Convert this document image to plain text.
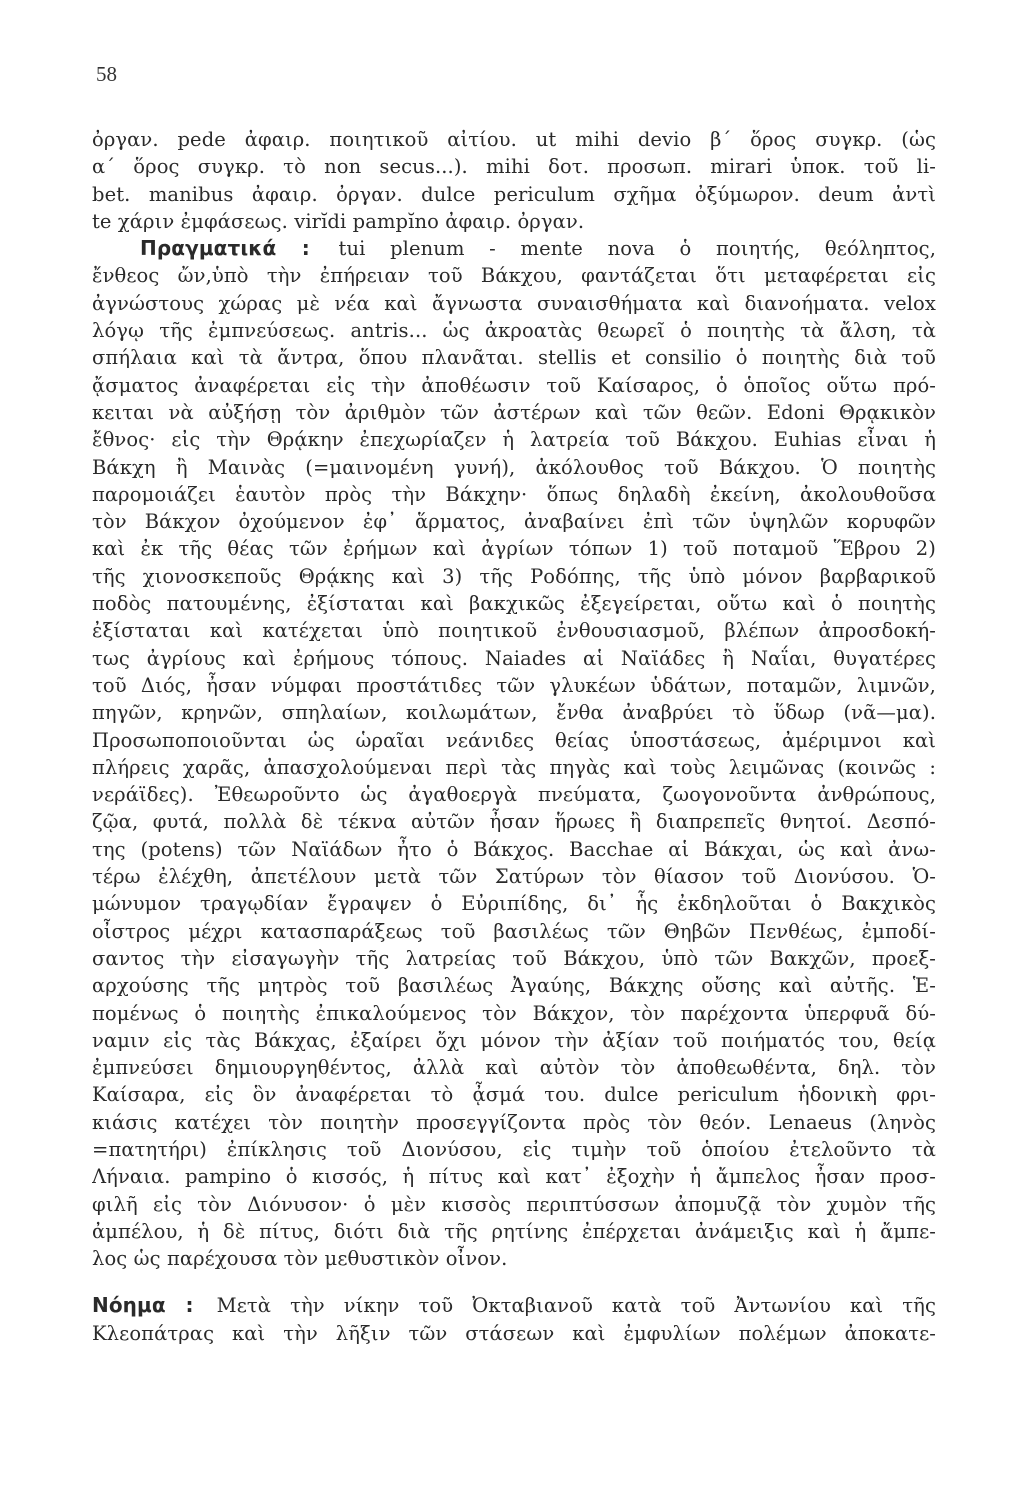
58
ὀργαν. pede ἀφαιρ. ποιητικοῦ αἰτίου. ut mihi devio β΄ ὅρος συγκρ. (ὡς
α΄ ὅρος συγκρ. τὸ non secus...). mihi δοτ. προσωπ. mirari ὑποκ. τοῦ li-
bet. manibus ἀφαιρ. ὀργαν. dulce periculum σχῆμα ὀξύμωρον. deum ἀντὶ
te χάριν ἐμφάσεως. virĭdi pampĭno ἀφαιρ. ὀργαν.
Πραγματικά : tui plenum - mente nova ὁ ποιητής, θεόληπτος,
ἔνθεος ὤν,ὑπὸ τὴν ἐπήρειαν τοῦ Βάκχου, φαντάζεται ὅτι μεταφέρεται εἰς
ἀγνώστους χώρας μὲ νέα καὶ ἄγνωστα συναισθήματα καὶ διανοήματα. velox
λόγῳ τῆς ἐμπνεύσεως. antris... ὡς ἀκροατὰς θεωρεῖ ὁ ποιητὴς τὰ ἄλση, τὰ
σπήλαια καὶ τὰ ἄντρα, ὅπου πλανᾶται. stellis et consilio ὁ ποιητὴς διὰ τοῦ
ᾄσματος ἀναφέρεται εἰς τὴν ἀποθέωσιν τοῦ Καίσαρος, ὁ ὁποῖος οὕτω πρό-
κειται νὰ αὐξήσῃ τὸν ἀριθμὸν τῶν ἀστέρων καὶ τῶν θεῶν. Edoni Θρᾳκικὸν
ἔθνος· εἰς τὴν Θρᾴκην ἐπεχωρίαζεν ἡ λατρεία τοῦ Βάκχου. Euhias εἶναι ἡ
Βάκχη ἢ Μαινὰς (=μαινομένη γυνή), ἀκόλουθος τοῦ Βάκχου. Ὁ ποιητὴς
παρομοιάζει ἑαυτὸν πρὸς τὴν Βάκχην· ὅπως δηλαδὴ ἐκείνη, ἀκολουθοῦσα
τὸν Βάκχον ὀχούμενον ἐφ᾿ ἅρματος, ἀναβαίνει ἐπὶ τῶν ὑψηλῶν κορυφῶν
καὶ ἐκ τῆς θέας τῶν ἐρήμων καὶ ἀγρίων τόπων 1) τοῦ ποταμοῦ Ἕβρου 2)
τῆς χιονοσκεποῦς Θρᾴκης καὶ 3) τῆς Ροδόπης, τῆς ὑπὸ μόνον βαρβαρικοῦ
ποδὸς πατουμένης, ἐξίσταται καὶ βακχικῶς ἐξεγείρεται, οὕτω καὶ ὁ ποιητὴς
ἐξίσταται καὶ κατέχεται ὑπὸ ποιητικοῦ ἐνθουσιασμοῦ, βλέπων ἀπροσδοκή-
τως ἀγρίους καὶ ἐρήμους τόπους. Naiades αἱ Ναϊάδες ἢ Ναΐαι, θυγατέρες
τοῦ Διός, ἦσαν νύμφαι προστάτιδες τῶν γλυκέων ὑδάτων, ποταμῶν, λιμνῶν,
πηγῶν, κρηνῶν, σπηλαίων, κοιλωμάτων, ἔνθα ἀναβρύει τὸ ὕδωρ (νᾶ—μα).
Προσωποποιοῦνται ὡς ὡραῖαι νεάνιδες θείας ὑποστάσεως, ἀμέριμνοι καὶ
πλήρεις χαρᾶς, ἀπασχολούμεναι περὶ τὰς πηγὰς καὶ τοὺς λειμῶνας (κοινῶς :
νεράϊδες). Ἐθεωροῦντο ὡς ἀγαθοεργὰ πνεύματα, ζωογονοῦντα ἀνθρώπους,
ζῷα, φυτά, πολλὰ δὲ τέκνα αὐτῶν ἦσαν ἥρωες ἢ διαπρεπεῖς θνητοί. Δεσπό-
της (potens) τῶν Ναϊάδων ἦτο ὁ Βάκχος. Bacchae αἱ Βάκχαι, ὡς καὶ ἀνω-
τέρω ἐλέχθη, ἀπετέλουν μετὰ τῶν Σατύρων τὸν θίασον τοῦ Διονύσου. Ὁ-
μώνυμον τραγῳδίαν ἔγραψεν ὁ Εὐριπίδης, δι᾿ ἧς ἐκδηλοῦται ὁ Βακχικὸς
οἶστρος μέχρι κατασπαράξεως τοῦ βασιλέως τῶν Θηβῶν Πενθέως, ἐμποδί-
σαντος τὴν εἰσαγωγὴν τῆς λατρείας τοῦ Βάκχου, ὑπὸ τῶν Βακχῶν, προεξ-
αρχούσης τῆς μητρὸς τοῦ βασιλέως Ἀγαύης, Βάκχης οὔσης καὶ αὐτῆς. Ἑ-
πομένως ὁ ποιητὴς ἐπικαλούμενος τὸν Βάκχον, τὸν παρέχοντα ὑπερφυᾶ δύ-
ναμιν εἰς τὰς Βάκχας, ἐξαίρει ὄχι μόνον τὴν ἀξίαν τοῦ ποιήματός του, θείᾳ
ἐμπνεύσει δημιουργηθέντος, ἀλλὰ καὶ αὐτὸν τὸν ἀποθεωθέντα, δηλ. τὸν
Καίσαρα, εἰς ὃν ἀναφέρεται τὸ ᾆσμά του. dulce periculum ἡδονικὴ φρι-
κιάσις κατέχει τὸν ποιητὴν προσεγγίζοντα πρὸς τὸν θεόν. Lenaeus (ληνὸς
=πατητήρι) ἐπίκλησις τοῦ Διονύσου, εἰς τιμὴν τοῦ ὁποίου ἐτελοῦντο τὰ
Λήναια. pampino ὁ κισσός, ἡ πίτυς καὶ κατ᾿ ἐξοχὴν ἡ ἄμπελος ἦσαν προσ-
φιλῆ εἰς τὸν Διόνυσον· ὁ μὲν κισσὸς περιπτύσσων ἀπομυζᾷ τὸν χυμὸν τῆς
ἀμπέλου, ἡ δὲ πίτυς, διότι διὰ τῆς ρητίνης ἐπέρχεται ἀνάμειξις καὶ ἡ ἄμπε-
λος ὡς παρέχουσα τὸν μεθυστικὸν οἶνον.
Νόημα : Μετὰ τὴν νίκην τοῦ Ὀκταβιανοῦ κατὰ τοῦ Ἀντωνίου καὶ τῆς
Κλεοπάτρας καὶ τὴν λῆξιν τῶν στάσεων καὶ ἐμφυλίων πολέμων ἀποκατε-
